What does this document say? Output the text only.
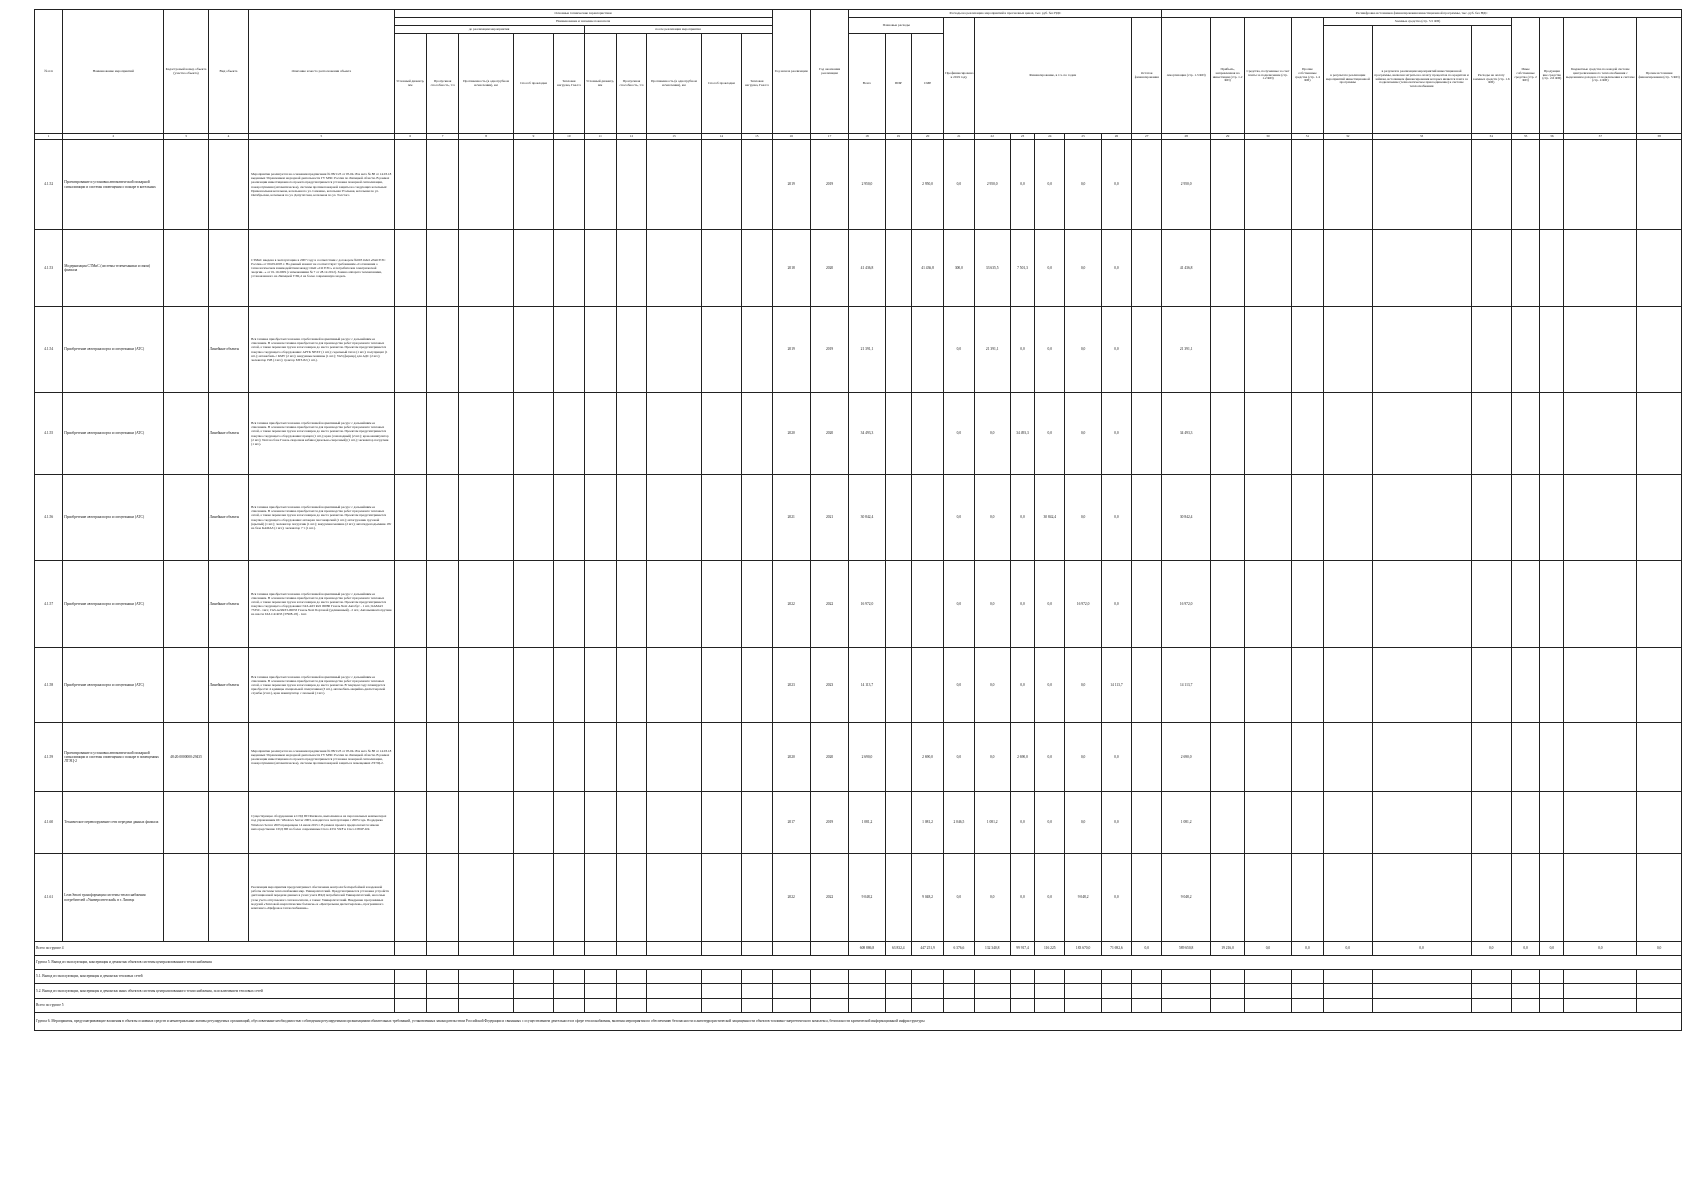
№ п/п	Наименование мероприятий	Кадастровый номер объекта (участка объекта)	Вид объекта	Описание и место расположения объекта	Основные технические характеристики										Год начала реализации	Год окончания реализации	Расходы на реализацию мероприятий в прогнозных ценах, тыс. руб. без НДС										Расшифровка источников финансирования инвестиционной программы, тыс. руб. без НДС										
					Наименование и значение показателя												Плановые расходы			Профинансировано к 2019 году	Финансирование, в т.ч. по годам					Остаток финансирования	Амортизация (стр. 1.3 ФП)	Прибыль, направленная на инвестиции (стр. 1.2 ФП)	Средства, полученные за счет платы за подключение (стр. 1.2 ФП)	Прочие собственные средства (стр. 1.4 ФП)	Заемные средства (стр. 5.5 ФП)			Иные собственные средства (стр. 2 ФП)	Продукция вне средства (стр. 2.6 ФП)	Бюджетные средства по каждой системе централизованного теплоснабжения с выделением доходов от подключения к системе (стр. 4 ФП)	Прочие источники финансирования (стр. 5 ФП)
					до реализации мероприятия					после реализации мероприятия																					в результате реализации мероприятий инвестиционной программы	в результате реализации мероприятий инвестиционной программы, включая затраты на оплату процентов по кредитам и займам, источником финансирования которых является плата за подключение (технологическое присоединение) к системе теплоснабжения	Расходы на оплату заемных средств (стр. 1.6 ФП)				
					Условный диаметр, мм	Пропускная способность, т/ч	Протяженность (в однотрубном исчислении), км	Способ прокладки	Тепловая нагрузка, Гкал/ч	Условный диаметр, мм	Пропускная способность, т/ч	Протяженность (в однотрубном исчислении), км	Способ прокладки	Тепловая нагрузка, Гкал/ч			Всего	ПИР	СМР																		
1	2	3	4	5	6	7	8	9	10	11	12	13	14	15	16	17	18	19	20	21	22	23	24	25	26	27	28	29	30	31	32	33	34	35	36	37	38
4.1.52	Проектирование и установка автоматической пожарной сигнализации и системы оповещения о пожаре в котельных			Мероприятие реализуется на основании предписания № 88/1/23 от 05.04.18 и акта № 88 от 14.03.18 выданных Управлением надзорной деятельности ГУ МЧС России по Липецкой области. В рамках реализации инвестиционного проекта предусматривается установка пожарной сигнализации, пожаротушения (автоматическое), системы противопожарной защиты на следующих котельных: Привокзальная котельная, котельная по ул. Семашко, котельная Угольная, котельная по ул. Октябрьская, котельная по ул. Депутатская, котельная по ул. Толстого											2019	2019	2 950,0		2 950,0	0,0	2 950,0	0,0	0,0	0,0	0,0		2 950,0										
4.1.53	Модернизация СТМиС (системы телемеханики и связи) филиала			СТМиС введена в эксплуатацию в 2007 году в соответствии с договором №603 ОАО «РАО ЕЭС России» от 06.09.2005 г. На данный момент не соответствует требованиям «Соглашения о технологическом взаимодействии между ОАО «СО ЕЭС» и потребителем электрической энергии...» от 01.10.2009 (с изменениями № 7 от 28.12.2012). Замена аппарата телемеханики, установленного на Липецкой ТЭЦ-2 на более современную модель											2018	2020	41 436,8		41 436,8	300,0	33 635,5	7 501,3	0,0	0,0	0,0		41 436,8										
4.1.54	Приобретение автотранспорта и спецтехники (АТС)		Линейные объекты	Вся техника приобретается взамен отработавшей нормативный ресурс с дальнейшим ее списанием. В основном техника приобретается для производства работ при ремонте тепловых сетей, а также перевозки грузов и пассажиров до места ремонтов. Проектом предусматривается покупка следующего оборудования: АРТК NEXT (1 шт.); седельный тягач (1 шт.); полуприцеп (1 шт.); автомобиль с КМУ (2 шт.); вакуумные машины (1 шт.); УАЗ (фермер) для АДС (2 шт.); экскаватор JSB (1 шт.); трактор МТЗ-82 (1 шт.).											2019	2019	21 391,1			0,0	21 391,1	0,0	0,0	0,0	0,0		21 391,1										
4.1.55	Приобретение автотранспорта и спецтехники (АТС)		Линейные объекты	Вся техника приобретается взамен отработавшей нормативный ресурс с дальнейшим ее списанием. В основном техника приобретается для производства работ при ремонте тепловых сетей, а также перевозки грузов и пассажиров до места ремонтов. Проектом предусматривается покупка следующего оборудования: прицеп (1 шт.); кран (самоходный) (2 шт.); кран-манипулятор (2 шт.); Next на базе Газель сварочная кабина (дизельно-сварочный) (1 шт.); экскаватор погрузчик (1 шт.).											2020	2020	34 493,3			0,0	0,0	34 493,3	0,0	0,0	0,0		34 493,3										
4.1.56	Приобретение автотранспорта и спецтехники (АТС)		Линейные объекты	Вся техника приобретается взамен отработавшей нормативный ресурс с дальнейшим ее списанием. В основном техника приобретается для производства работ при ремонте тепловых сетей, а также перевозки грузов и пассажиров до места ремонтов. Проектом предусматривается покупка следующего оборудования: автокран пассажирский (1 шт.); автогрузовик грузовой (крытый) (1 шт.); экскаватор погрузчик (1 шт.); вакуумная машина (2 шт.); автогидроподъемник 18т на базе КАМАЗ (1 шт.); экскаватор 7 т (1 шт.).											2021	2021	30 842,4			0,0	0,0	0,0	30 842,4	0,0	0,0		30 842,4										
4.1.57	Приобретение автотранспорта и спецтехники (АТС)		Линейные объекты	Вся техника приобретается взамен отработавшей нормативный ресурс с дальнейшим ее списанием. В основном техника приобретается для производства работ при ремонте тепловых сетей, а также перевозки грузов и пассажиров до места ремонтов. Проектом предусматривается покупка следующего оборудования: ГАЗ-А63 R22 00080 Газель Next Автобус - 1 шт.; КАМАЗ 73350 - 1шт.; ГАЗ-А22R33-00033 Газель Next Бортовой (удлиненный) - 2 шт.; Автовышка/погрузчик на шасси ГАЗ-С41R33 (37908-18) - 1шт.											2022	2022	16 972,0			0,0	0,0	0,0	0,0	16 972,0	0,0		16 972,0										
4.1.58	Приобретение автотранспорта и спецтехники (АТС)		Линейные объекты	Вся техника приобретается взамен отработавшей нормативный ресурс с дальнейшим ее списанием. В основном техника приобретается для производства работ при ремонте тепловых сетей, а также перевозки грузов и пассажиров до места ремонтов. В текущем году планируется приобрести: 4 единицы специальной спецтехники (3 шт.), автомобиль аварийно-диспетчерской службы (2 шт.), кран манипулятор с люлькой (1 шт.).											2023	2023	14 113,7			0,0	0,0	0,0	0,0	0,0	14 113,7		14 113,7										
4.1.59	Проектирование и установка автоматической пожарной сигнализации и системы оповещения о пожаре в помещениях ЛТЭЦ-2	48:20:0000000:29435		Мероприятие реализуется на основании предписания № 88/1/23 от 05.04.18 и акта № 88 от 14.03.18 выданных Управлением надзорной деятельности ГУ МЧС России по Липецкой области. В рамках реализации инвестиционного проекта предусматривается установка пожарной сигнализации, пожаротушения (автоматическое), системы противопожарной защиты в помещениях ЛТЭЦ-2.											2020	2020	2 690,0		2 690,0	0,0	0,0	2 690,0	0,0	0,0	0,0		2 690,0										
4.1.60	Техническое перевооружение сети передачи данных филиала			Существующее оборудование в СПД ПП Филиала, выполненное на персональных компьютерах под управлением ОС Windows Server 2003, находится в эксплуатации с 2005 года. Поддержка Windows Server 2003 прекращена 14 июля 2015 г. В рамках проекта предполагается замена непосредственно СПД ПП на более современные Cisco 4331 VRF и Cisco C891F-K9.											2017	2019	1 081,2		1 081,2	2 046,5	1 081,2	0,0	0,0	0,0	0,0		1 081,2										
4.1.61	Lean Smart трансформация системы теплоснабжения потребителей «Университетский» в г. Липецк			Реализация мероприятия предусматривает обеспечение контроля бесперебойной и надежной работы системы теплоснабжения мкр. Университетский. Предусматривается установка устройств дистанционной передачи данных в узлах учета ИКД потребителей Университетский, насосные узлы учета отпускаемого теплоносителя, а также: Университетский. Внедрение программных модулей «Тепловой-энергетические балансы» и «Центральная диспетчерская», программного комплекса «Цифровое теплоснабжение».											2022	2022	9 048,2		9 048,2	0,0	0,0	0,0	0,0	9 048,2	0,0		9 048,2										
Всего по группе 4																	608 886,8	63 832,4	447 251,9	6 376,6	132 340,8	99 917,4	116 225	183 670,0	71 692,6	0,0	589 650,8	19 216,0	0,0	0,0	0,0	0,0	0,0	0,0	0,0	0,0	0,0
Группа 5. Вывод из эксплуатации, консервация и демонтаж объектов системы централизованного теплоснабжения																																					
5.1. Вывод из эксплуатации, консервация и демонтаж тепловых сетей																																					
5.2. Вывод из эксплуатации, консервация и демонтаж иных объектов системы централизованного теплоснабжения, за исключением тепловых сетей																																					
Всего по группе 5																																					
Группа 6. Мероприятия, предусматривающие вложения в объекты основных средств и нематериальные активы регулируемых организаций, обусловленные необходимостью соблюдения регулируемыми организациями обязательных требований, установленных законодательством Российской Федерации и связанных с осуществлением деятельности в сфере теплоснабжения, включая мероприятия по обеспечению безопасности и антитеррористической защищенности объектов топливно-энергетического комплекса, безопасности критической информационной инфраструктуры																																					
